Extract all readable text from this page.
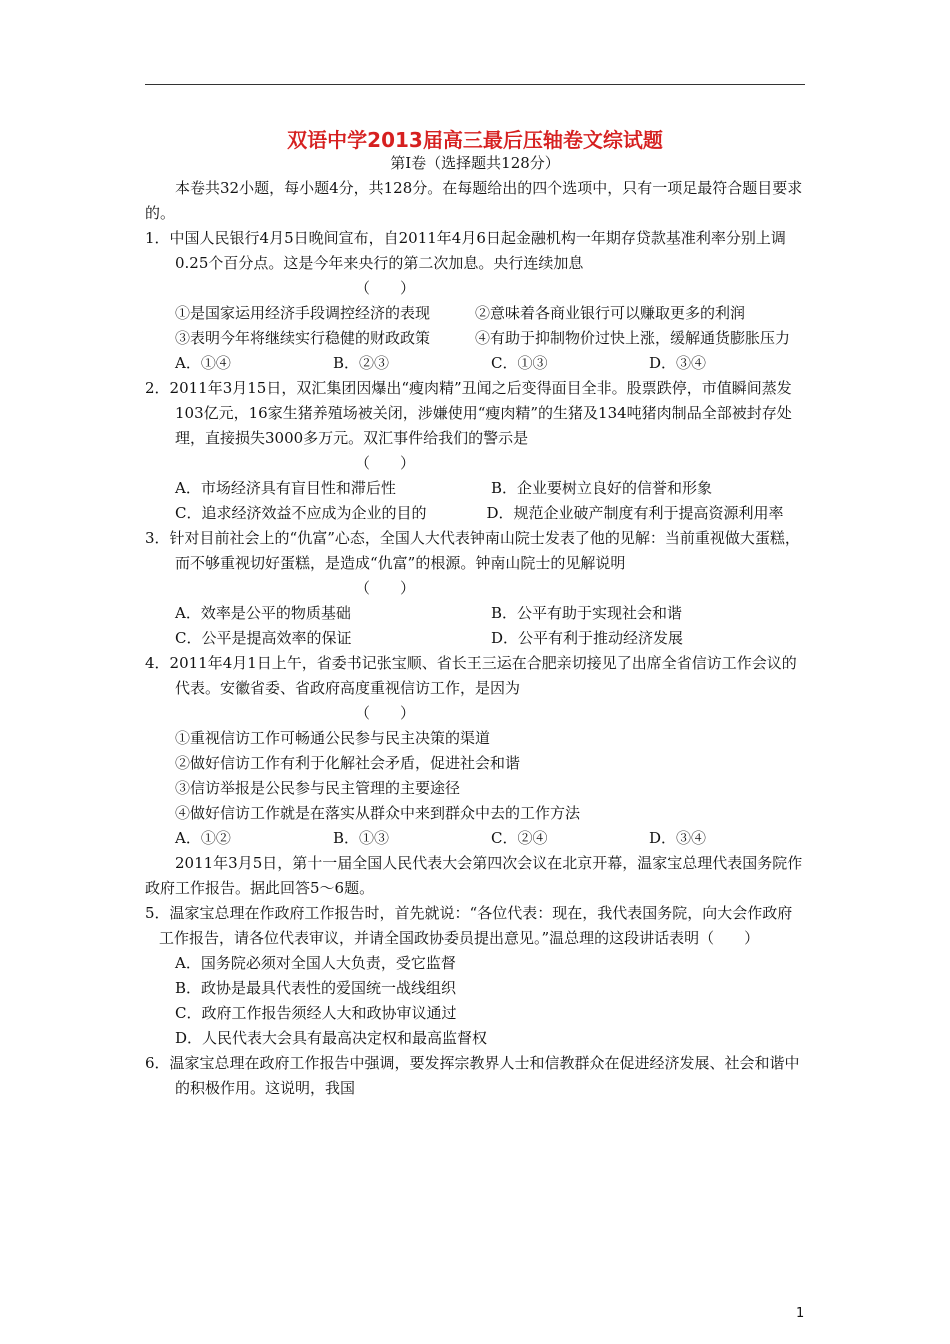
双语中学2013届高三最后压轴卷文综试题
第Ⅰ卷（选择题共128分）

本卷共32小题，每小题4分，共128分。在每题给出的四个选项中，只有一项足最符合题目要求的。

1．中国人民银行4月5日晚间宣布，自2011年4月6日起金融机构一年期存贷款基准利率分别上调0.25个百分点。这是今年来央行的第二次加息。央行连续加息

（　　）

①是国家运用经济手段调控经济的表现　　　②意味着各商业银行可以赚取更多的利润

③表明今年将继续实行稳健的财政政策　　　④有助于抑制物价过快上涨，缓解通货膨胀压力

A．①④	B．②③	C．①③	D．③④

2．2011年3月15日，双汇集团因爆出“瘦肉精”丑闻之后变得面目全非。股票跌停，市值瞬间蒸发103亿元，16家生猪养殖场被关闭，涉嫌使用“瘦肉精”的生猪及134吨猪肉制品全部被封存处理，直接损失3000多万元。双汇事件给我们的警示是

（　　）

A．市场经济具有盲目性和滞后性	B．企业要树立良好的信誉和形象

C．追求经济效益不应成为企业的目的　　　　D．规范企业破产制度有利于提高资源利用率

3．针对目前社会上的“仇富”心态，全国人大代表钟南山院士发表了他的见解：当前重视做大蛋糕，而不够重视切好蛋糕，是造成“仇富”的根源。钟南山院士的见解说明

（　　）

A．效率是公平的物质基础	B．公平有助于实现社会和谐
C．公平是提高效率的保证	D．公平有利于推动经济发展

4．2011年4月1日上午，省委书记张宝顺、省长王三运在合肥亲切接见了出席全省信访工作会议的代表。安徽省委、省政府高度重视信访工作，是因为

（　　）

①重视信访工作可畅通公民参与民主决策的渠道

②做好信访工作有利于化解社会矛盾，促进社会和谐

③信访举报是公民参与民主管理的主要途径

④做好信访工作就是在落实从群众中来到群众中去的工作方法

A．①②	B．①③	C．②④	D．③④

2011年3月5日，第十一届全国人民代表大会第四次会议在北京开幕，温家宝总理代表国务院作政府工作报告。据此回答5～6题。

5．温家宝总理在作政府工作报告时，首先就说：“各位代表：现在，我代表国务院，向大会作政府

工作报告，请各位代表审议，并请全国政协委员提出意见。”温总理的这段讲话表明（　　）

A．国务院必须对全国人大负责，受它监督

B．政协是最具代表性的爱国统一战线组织

C．政府工作报告须经人大和政协审议通过

D．人民代表大会具有最高决定权和最高监督权

6．温家宝总理在政府工作报告中强调，要发挥宗教界人士和信教群众在促进经济发展、社会和谐中的积极作用。这说明，我国

1
